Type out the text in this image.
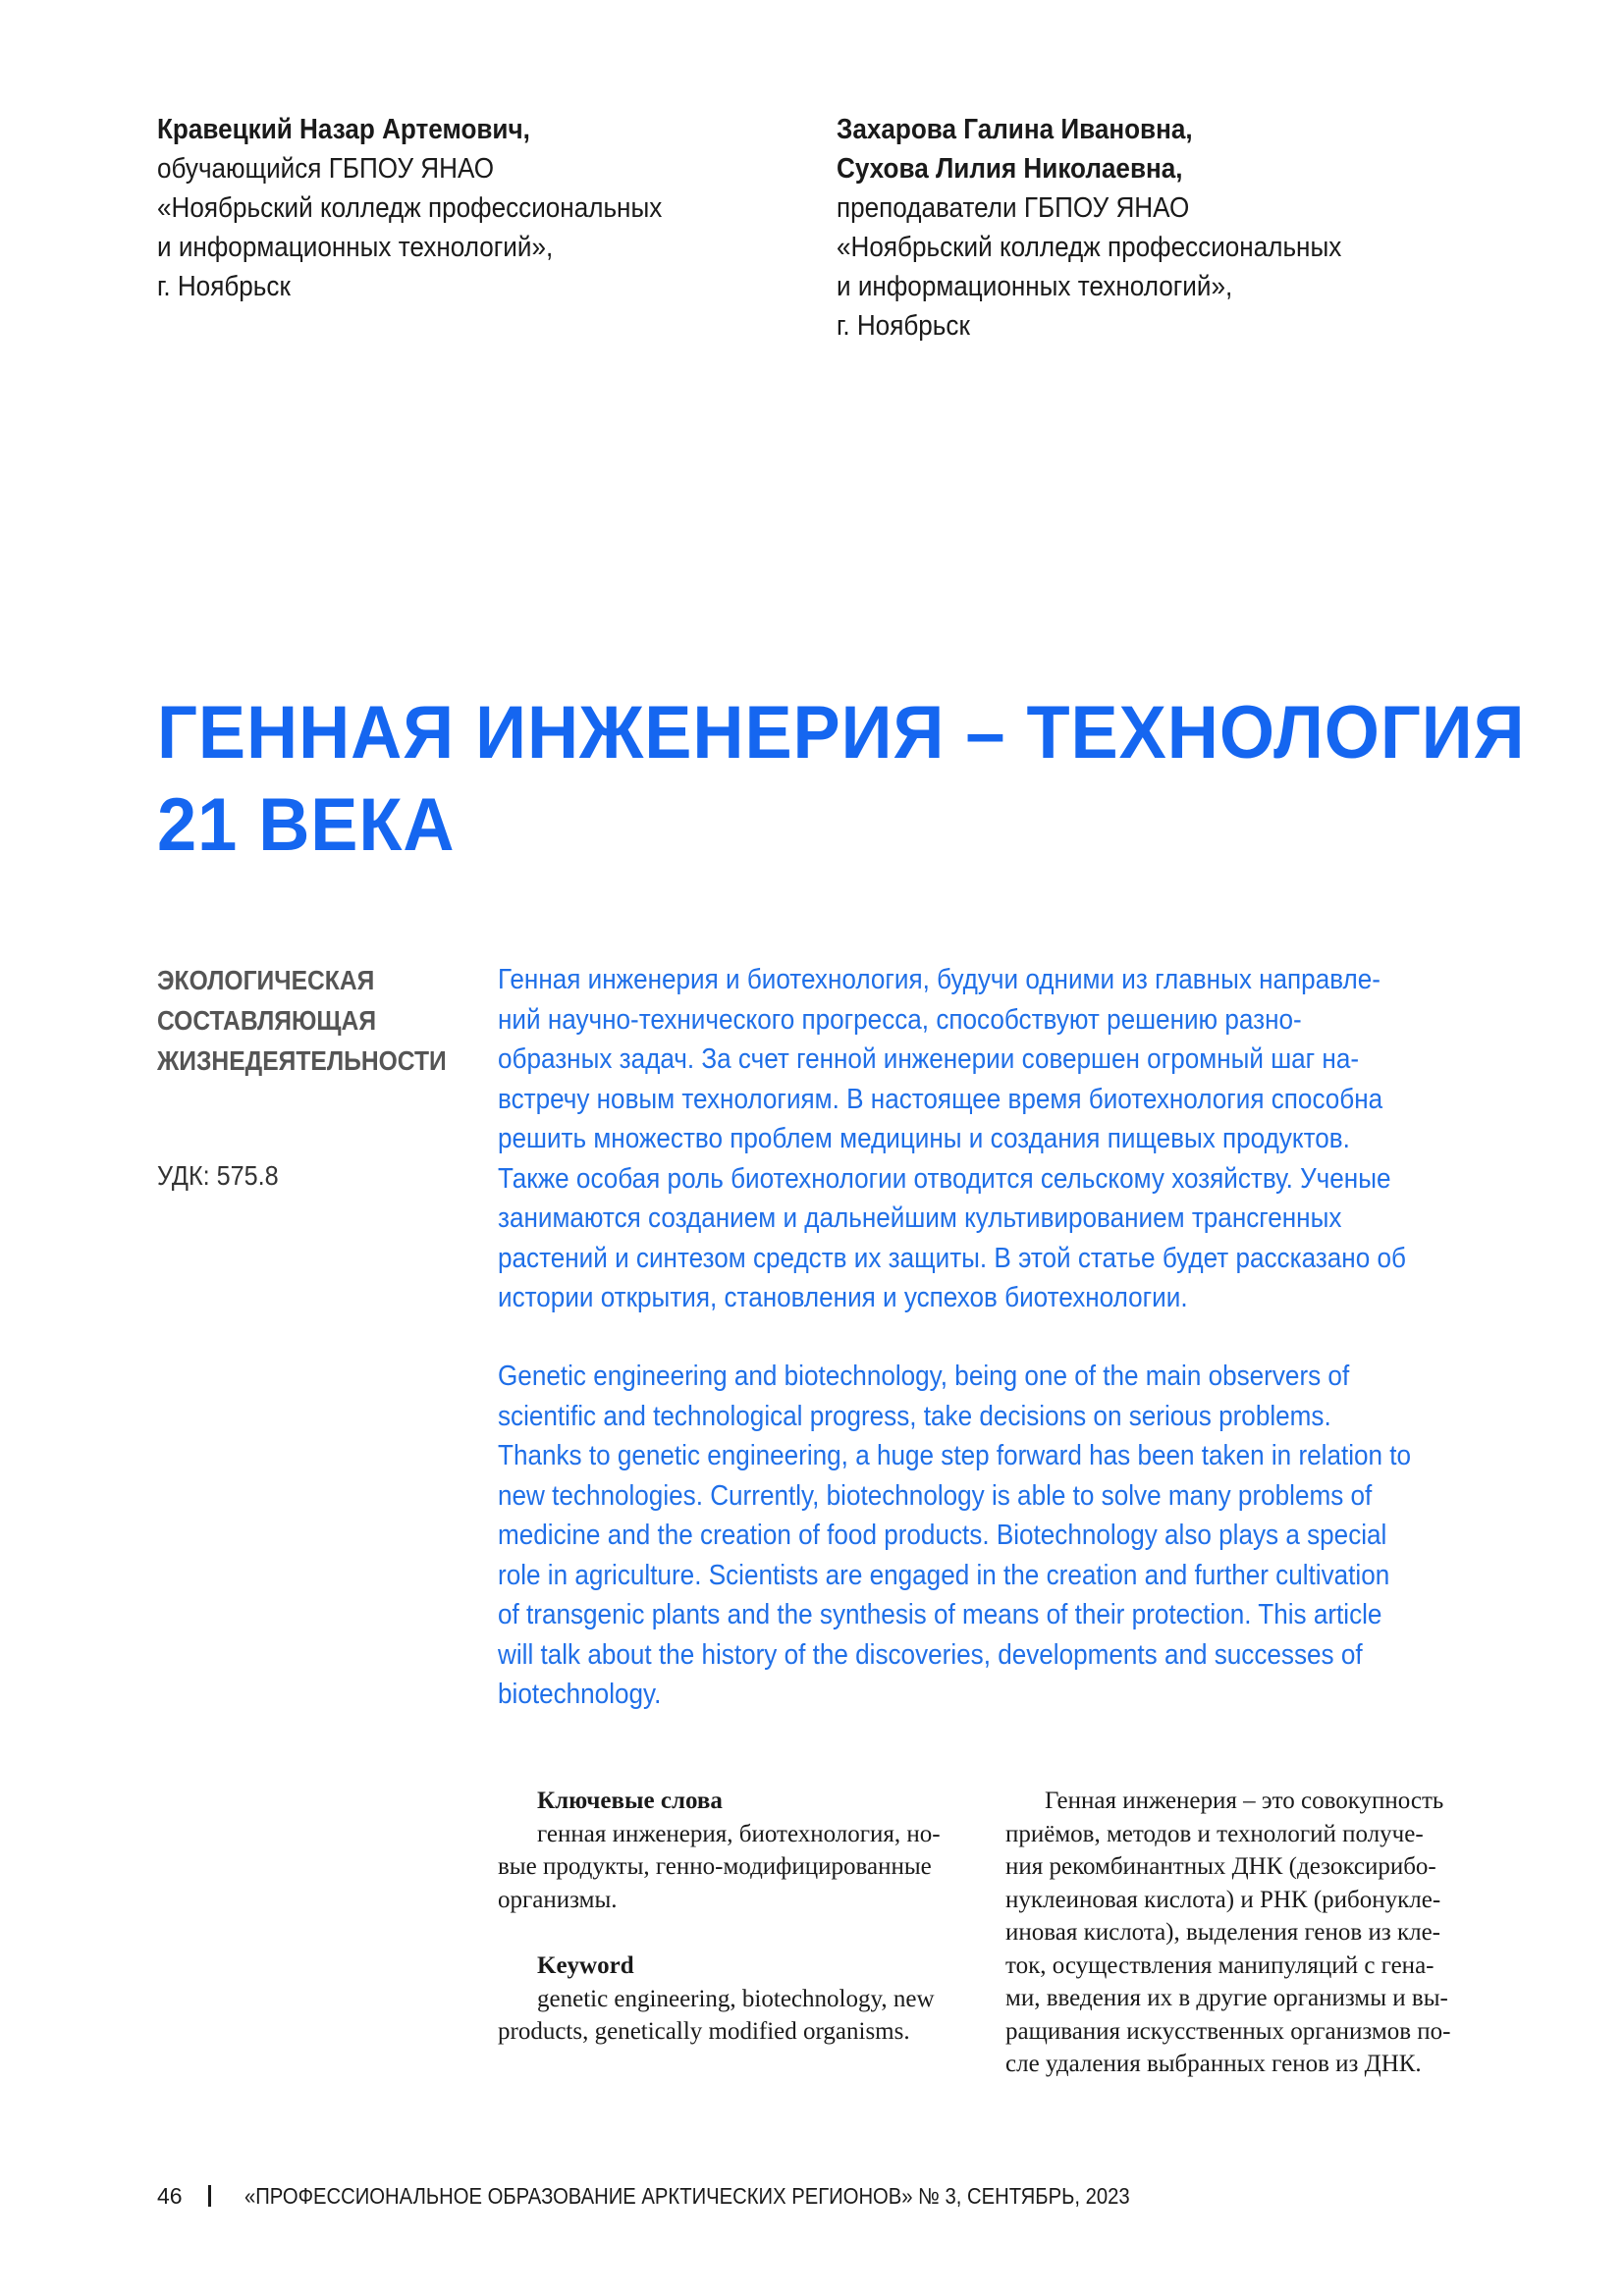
Кравецкий Назар Артемович,
обучающийся ГБПОУ ЯНАО
«Ноябрьский колледж профессиональных
и информационных технологий»,
г. Ноябрьск
Захарова Галина Ивановна,
Сухова Лилия Николаевна,
преподаватели ГБПОУ ЯНАО
«Ноябрьский колледж профессиональных
и информационных технологий»,
г. Ноябрьск
ГЕННАЯ ИНЖЕНЕРИЯ – ТЕХНОЛОГИЯ
21 ВЕКА
ЭКОЛОГИЧЕСКАЯ
СОСТАВЛЯЮЩАЯ
ЖИЗНЕДЕЯТЕЛЬНОСТИ
УДК: 575.8
Генная инженерия и биотехнология, будучи одними из главных направле-
ний научно-технического прогресса, способствуют решению разно-
образных задач. За счет генной инженерии совершен огромный шаг на-
встречу новым технологиям. В настоящее время биотехнология способна
решить множество проблем медицины и создания пищевых продуктов.
Также особая роль биотехнологии отводится сельскому хозяйству. Ученые
занимаются созданием и дальнейшим культивированием трансгенных
растений и синтезом средств их защиты. В этой статье будет рассказано об
истории открытия, становления и успехов биотехнологии.
Genetic engineering and biotechnology, being one of the main observers of
scientific and technological progress, take decisions on serious problems.
Thanks to genetic engineering, a huge step forward has been taken in relation to
new technologies. Currently, biotechnology is able to solve many problems of
medicine and the creation of food products. Biotechnology also plays a special
role in agriculture. Scientists are engaged in the creation and further cultivation
of transgenic plants and the synthesis of means of their protection. This article
will talk about the history of the discoveries, developments and successes of
biotechnology.
Ключевые слова
генная инженерия, биотехнология, но-
вые продукты, генно-модифицированные
организмы.
Keyword
genetic engineering, biotechnology, new
products, genetically modified organisms.
Генная инженерия – это совокупность
приёмов, методов и технологий получе-
ния рекомбинантных ДНК (дезоксирибо-
нуклеиновая кислота) и РНК (рибонукле-
иновая кислота), выделения генов из кле-
ток, осуществления манипуляций с гена-
ми, введения их в другие организмы и вы-
ращивания искусственных организмов по-
сле удаления выбранных генов из ДНК.
46	«ПРОФЕССИОНАЛЬНОЕ ОБРАЗОВАНИЕ АРКТИЧЕСКИХ РЕГИОНОВ» № 3, СЕНТЯБРЬ, 2023
